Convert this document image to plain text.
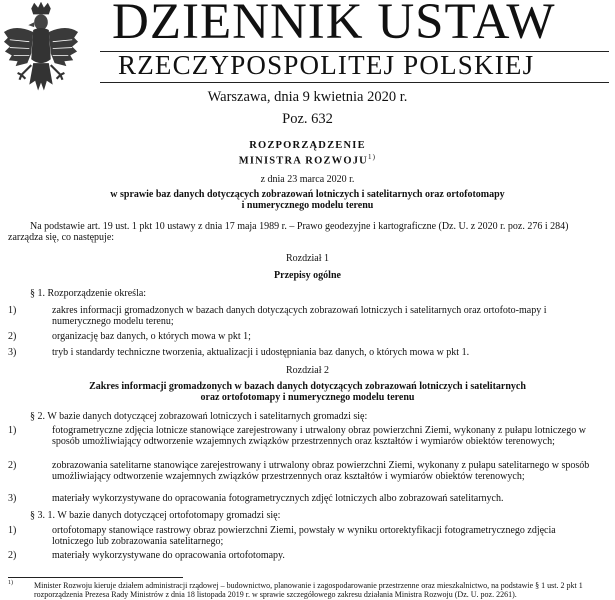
DZIENNIK USTAW
RZECZYPOSPOLITEJ POLSKIEJ
Warszawa, dnia 9 kwietnia 2020 r.
Poz. 632
ROZPORZĄDZENIE
MINISTRA ROZWOJU$^{1)}$
z dnia 23 marca 2020 r.
w sprawie baz danych dotyczących zobrazowań lotniczych i satelitarnych oraz ortofotomapy
i numerycznego modelu terenu
Na podstawie art. 19 ust. 1 pkt 10 ustawy z dnia 17 maja 1989 r. – Prawo geodezyjne i kartograficzne (Dz. U. z 2020 r. poz. 276 i 284) zarządza się, co następuje:
Rozdział 1
Przepisy ogólne
§ 1. Rozporządzenie określa:
1)	zakres informacji gromadzonych w bazach danych dotyczących zobrazowań lotniczych i satelitarnych oraz ortofoto-mapy i numerycznego modelu terenu;
2)	organizację baz danych, o których mowa w pkt 1;
3)	tryb i standardy techniczne tworzenia, aktualizacji i udostępniania baz danych, o których mowa w pkt 1.
Rozdział 2
Zakres informacji gromadzonych w bazach danych dotyczących zobrazowań lotniczych i satelitarnych
oraz ortofotomapy i numerycznego modelu terenu
§ 2. W bazie danych dotyczącej zobrazowań lotniczych i satelitarnych gromadzi się:
1)	fotogrametryczne zdjęcia lotnicze stanowiące zarejestrowany i utrwalony obraz powierzchni Ziemi, wykonany z pułapu lotniczego w sposób umożliwiający odtworzenie wzajemnych związków przestrzennych oraz kształtów i wymiarów obiektów terenowych;
2)	zobrazowania satelitarne stanowiące zarejestrowany i utrwalony obraz powierzchni Ziemi, wykonany z pułapu satelitarnego w sposób umożliwiający odtworzenie wzajemnych związków przestrzennych oraz kształtów i wymiarów obiektów terenowych;
3)	materiały wykorzystywane do opracowania fotogrametrycznych zdjęć lotniczych albo zobrazowań satelitarnych.
§ 3. 1. W bazie danych dotyczącej ortofotomapy gromadzi się:
1)	ortofotomapy stanowiące rastrowy obraz powierzchni Ziemi, powstały w wyniku ortorektyfikacji fotogrametrycznego zdjęcia lotniczego lub zobrazowania satelitarnego;
2)	materiały wykorzystywane do opracowania ortofotomapy.
1)	Minister Rozwoju kieruje działem administracji rządowej – budownictwo, planowanie i zagospodarowanie przestrzenne oraz mieszkalnictwo, na podstawie § 1 ust. 2 pkt 1 rozporządzenia Prezesa Rady Ministrów z dnia 18 listopada 2019 r. w sprawie szczegółowego zakresu działania Ministra Rozwoju (Dz. U. poz. 2261).
